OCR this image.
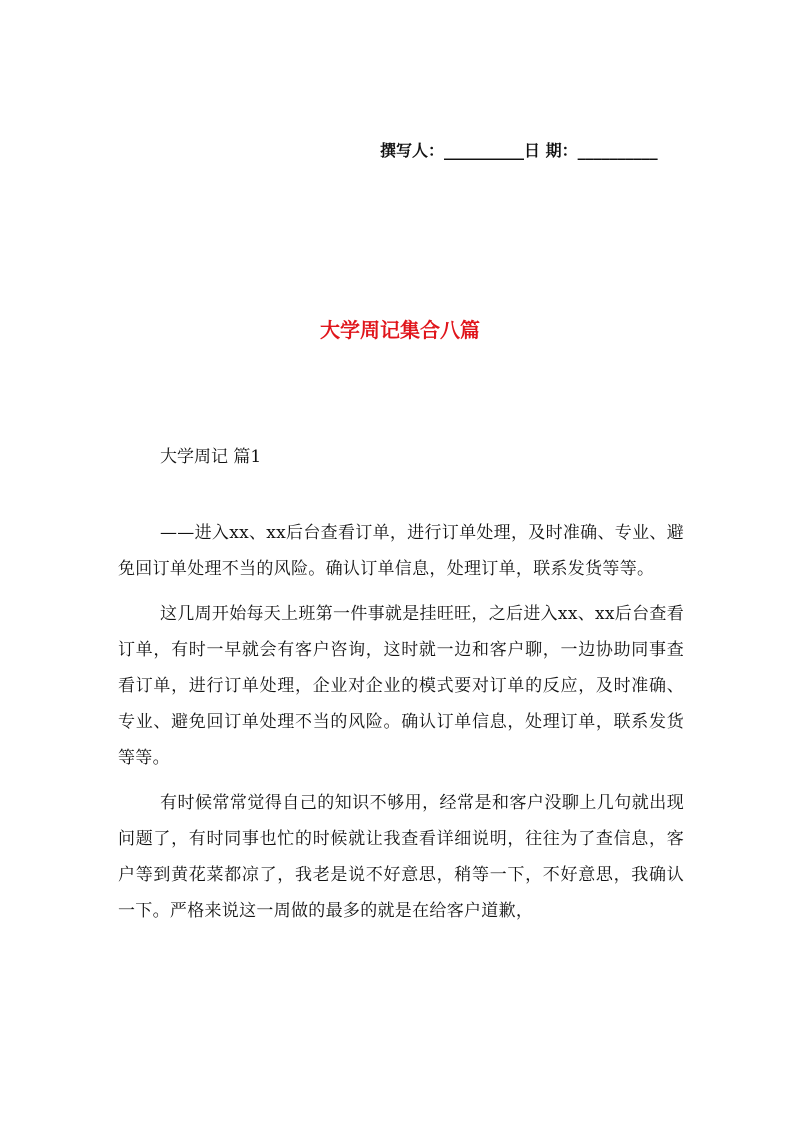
撰写人：__________日 期：__________
大学周记集合八篇
大学周记 篇1

——进入xx、xx后台查看订单，进行订单处理，及时准确、专业、避免回订单处理不当的风险。确认订单信息，处理订单，联系发货等等。

这几周开始每天上班第一件事就是挂旺旺，之后进入xx、xx后台查看订单，有时一早就会有客户咨询，这时就一边和客户聊，一边协助同事查看订单，进行订单处理，企业对企业的模式要对订单的反应，及时准确、专业、避免回订单处理不当的风险。确认订单信息，处理订单，联系发货等等。

有时候常常觉得自己的知识不够用，经常是和客户没聊上几句就出现问题了，有时同事也忙的时候就让我查看详细说明，往往为了查信息，客户等到黄花菜都凉了，我老是说不好意思，稍等一下，不好意思，我确认一下。严格来说这一周做的最多的就是在给客户道歉，
